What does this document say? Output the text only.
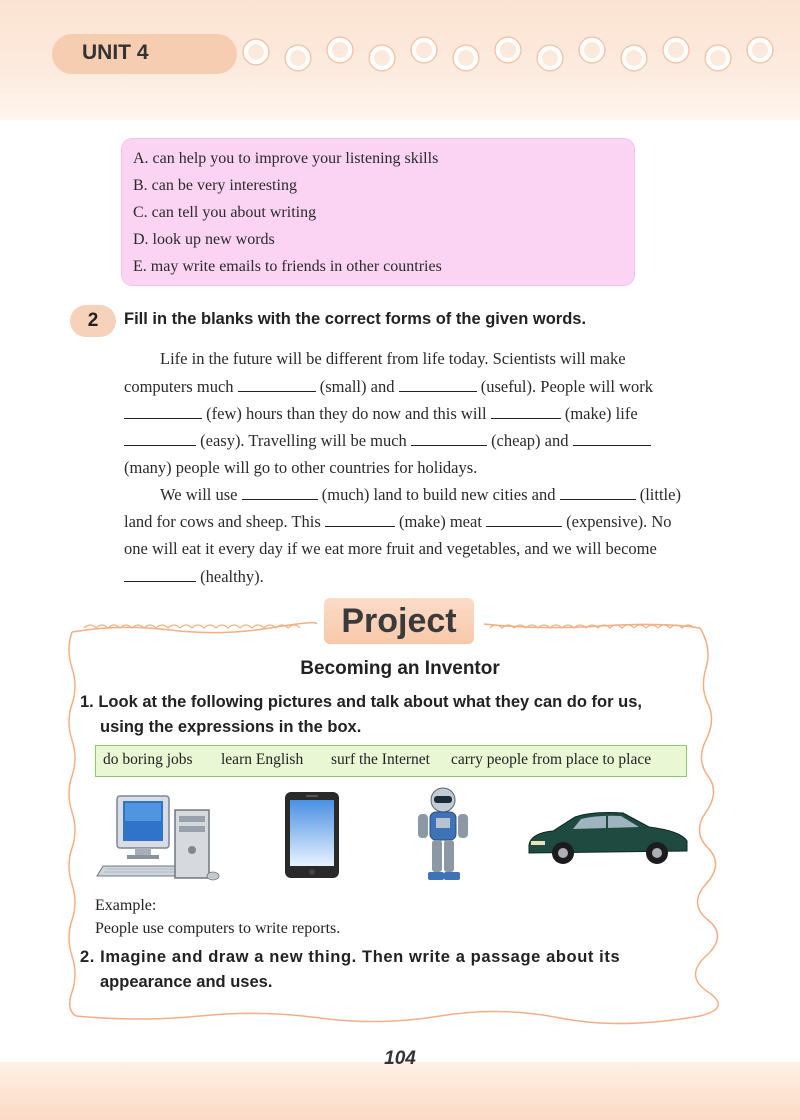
UNIT 4
A. can help you to improve your listening skills
B. can be very interesting
C. can tell you about writing
D. look up new words
E. may write emails to friends in other countries
2	Fill in the blanks with the correct forms of the given words.
Life in the future will be different from life today. Scientists will make
computers much	(small) and	(useful). People will work
(few) hours than they do now and this will	(make) life
(easy). Travelling will be much	(cheap) and
(many) people will go to other countries for holidays.
We will use	(much) land to build new cities and	(little)
land for cows and sheep. This	(make) meat	(expensive). No
one will eat it every day if we eat more fruit and vegetables, and we will become
(healthy).
Project
Becoming an Inventor
1. Look at the following pictures and talk about what they can do for us,
using the expressions in the box.
do boring jobs learn English surf the Internet carry people from place to place
Example:
People use computers to write reports.
2. Imagine and draw a new thing. Then write a passage about its
appearance and uses.
104
